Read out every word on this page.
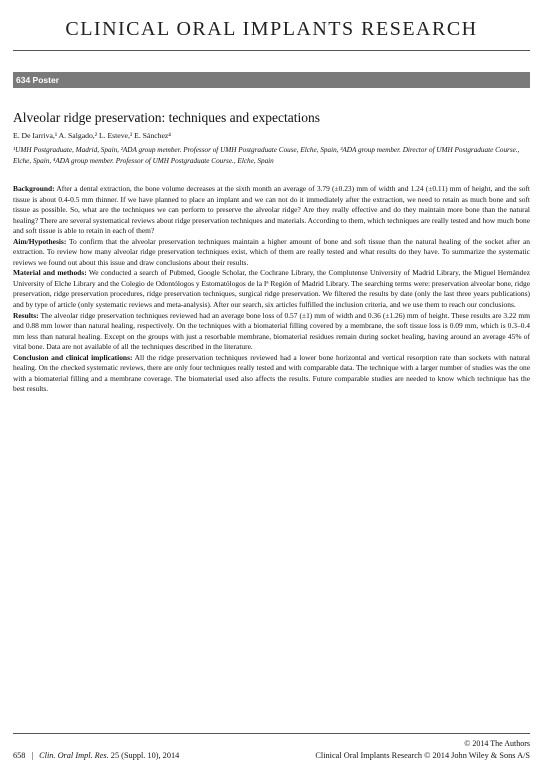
CLINICAL ORAL IMPLANTS RESEARCH
634 Poster
Alveolar ridge preservation: techniques and expectations
E. De Iarriva,¹ A. Salgado,² L. Esteve,³ E. Sánchez⁴
¹UMH Postgraduate, Madrid, Spain, ²ADA group member. Professor of UMH Postgraduate Couse, Elche, Spain, ³ADA group member. Director of UMH Postgraduate Course., Elche, Spain, ⁴ADA group member. Professor of UMH Postgraduate Course., Elche, Spain

Background: After a dental extraction, the bone volume decreases at the sixth month an average of 3.79 (±0.23) mm of width and 1.24 (±0.11) mm of height, and the soft tissue is about 0.4-0.5 mm thinner. If we have planned to place an implant and we can not do it immediately after the extraction, we need to retain as much bone and soft tissue as possible. So, what are the techniques we can perform to preserve the alveolar ridge? Are they really effective and do they maintain more bone than the natural healing? There are several systematical reviews about ridge preservation techniques and materials. According to them, which techniques are really tested and how much bone and soft tissue is able to retain in each of them?

Aim/Hypothesis: To confirm that the alveolar preservation techniques maintain a higher amount of bone and soft tissue than the natural healing of the socket after an extraction. To review how many alveolar ridge preservation techniques exist, which of them are really tested and what results do they have. To summarize the systematic reviews we found out about this issue and draw conclusions about their results.

Material and methods: We conducted a search of Pubmed, Google Scholar, the Cochrane Library, the Complutense University of Madrid Library, the Miguel Hernández University of Elche Library and the Colegio de Odontólogos y Estomatólogos de la Iª Región of Madrid Library. The searching terms were: preservation alveolar bone, ridge preservation, ridge preservation procedures, ridge preservation techniques, surgical ridge preservation. We filtered the results by date (only the last three years publications) and by type of article (only systematic reviews and meta-analysis). After our search, six articles fulfilled the inclusion criteria, and we use them to reach our conclusions.

Results: The alveolar ridge preservation techniques reviewed had an average bone loss of 0.57 (±1) mm of width and 0.36 (±1.26) mm of height. These results are 3.22 mm and 0.88 mm lower than natural healing, respectively. On the techniques with a biomaterial filling covered by a membrane, the soft tissue loss is 0.09 mm, which is 0.3–0.4 mm less than natural healing. Except on the groups with just a resorbable membrane, biomaterial residues remain during socket healing, having around an average 45% of vital bone. Data are not available of all the techniques described in the literature.

Conclusion and clinical implications: All the ridge preservation techniques reviewed had a lower bone horizontal and vertical resorption rate than sockets with natural healing. On the checked systematic reviews, there are only four techniques really tested and with comparable data. The technique with a larger number of studies was the one with a biomaterial filling and a membrane coverage. The biomaterial used also affects the results. Future comparable studies are needed to know which technique has the best results.

© 2014 The Authors
658 | Clin. Oral Impl. Res. 25 (Suppl. 10), 2014	Clinical Oral Implants Research © 2014 John Wiley & Sons A/S
